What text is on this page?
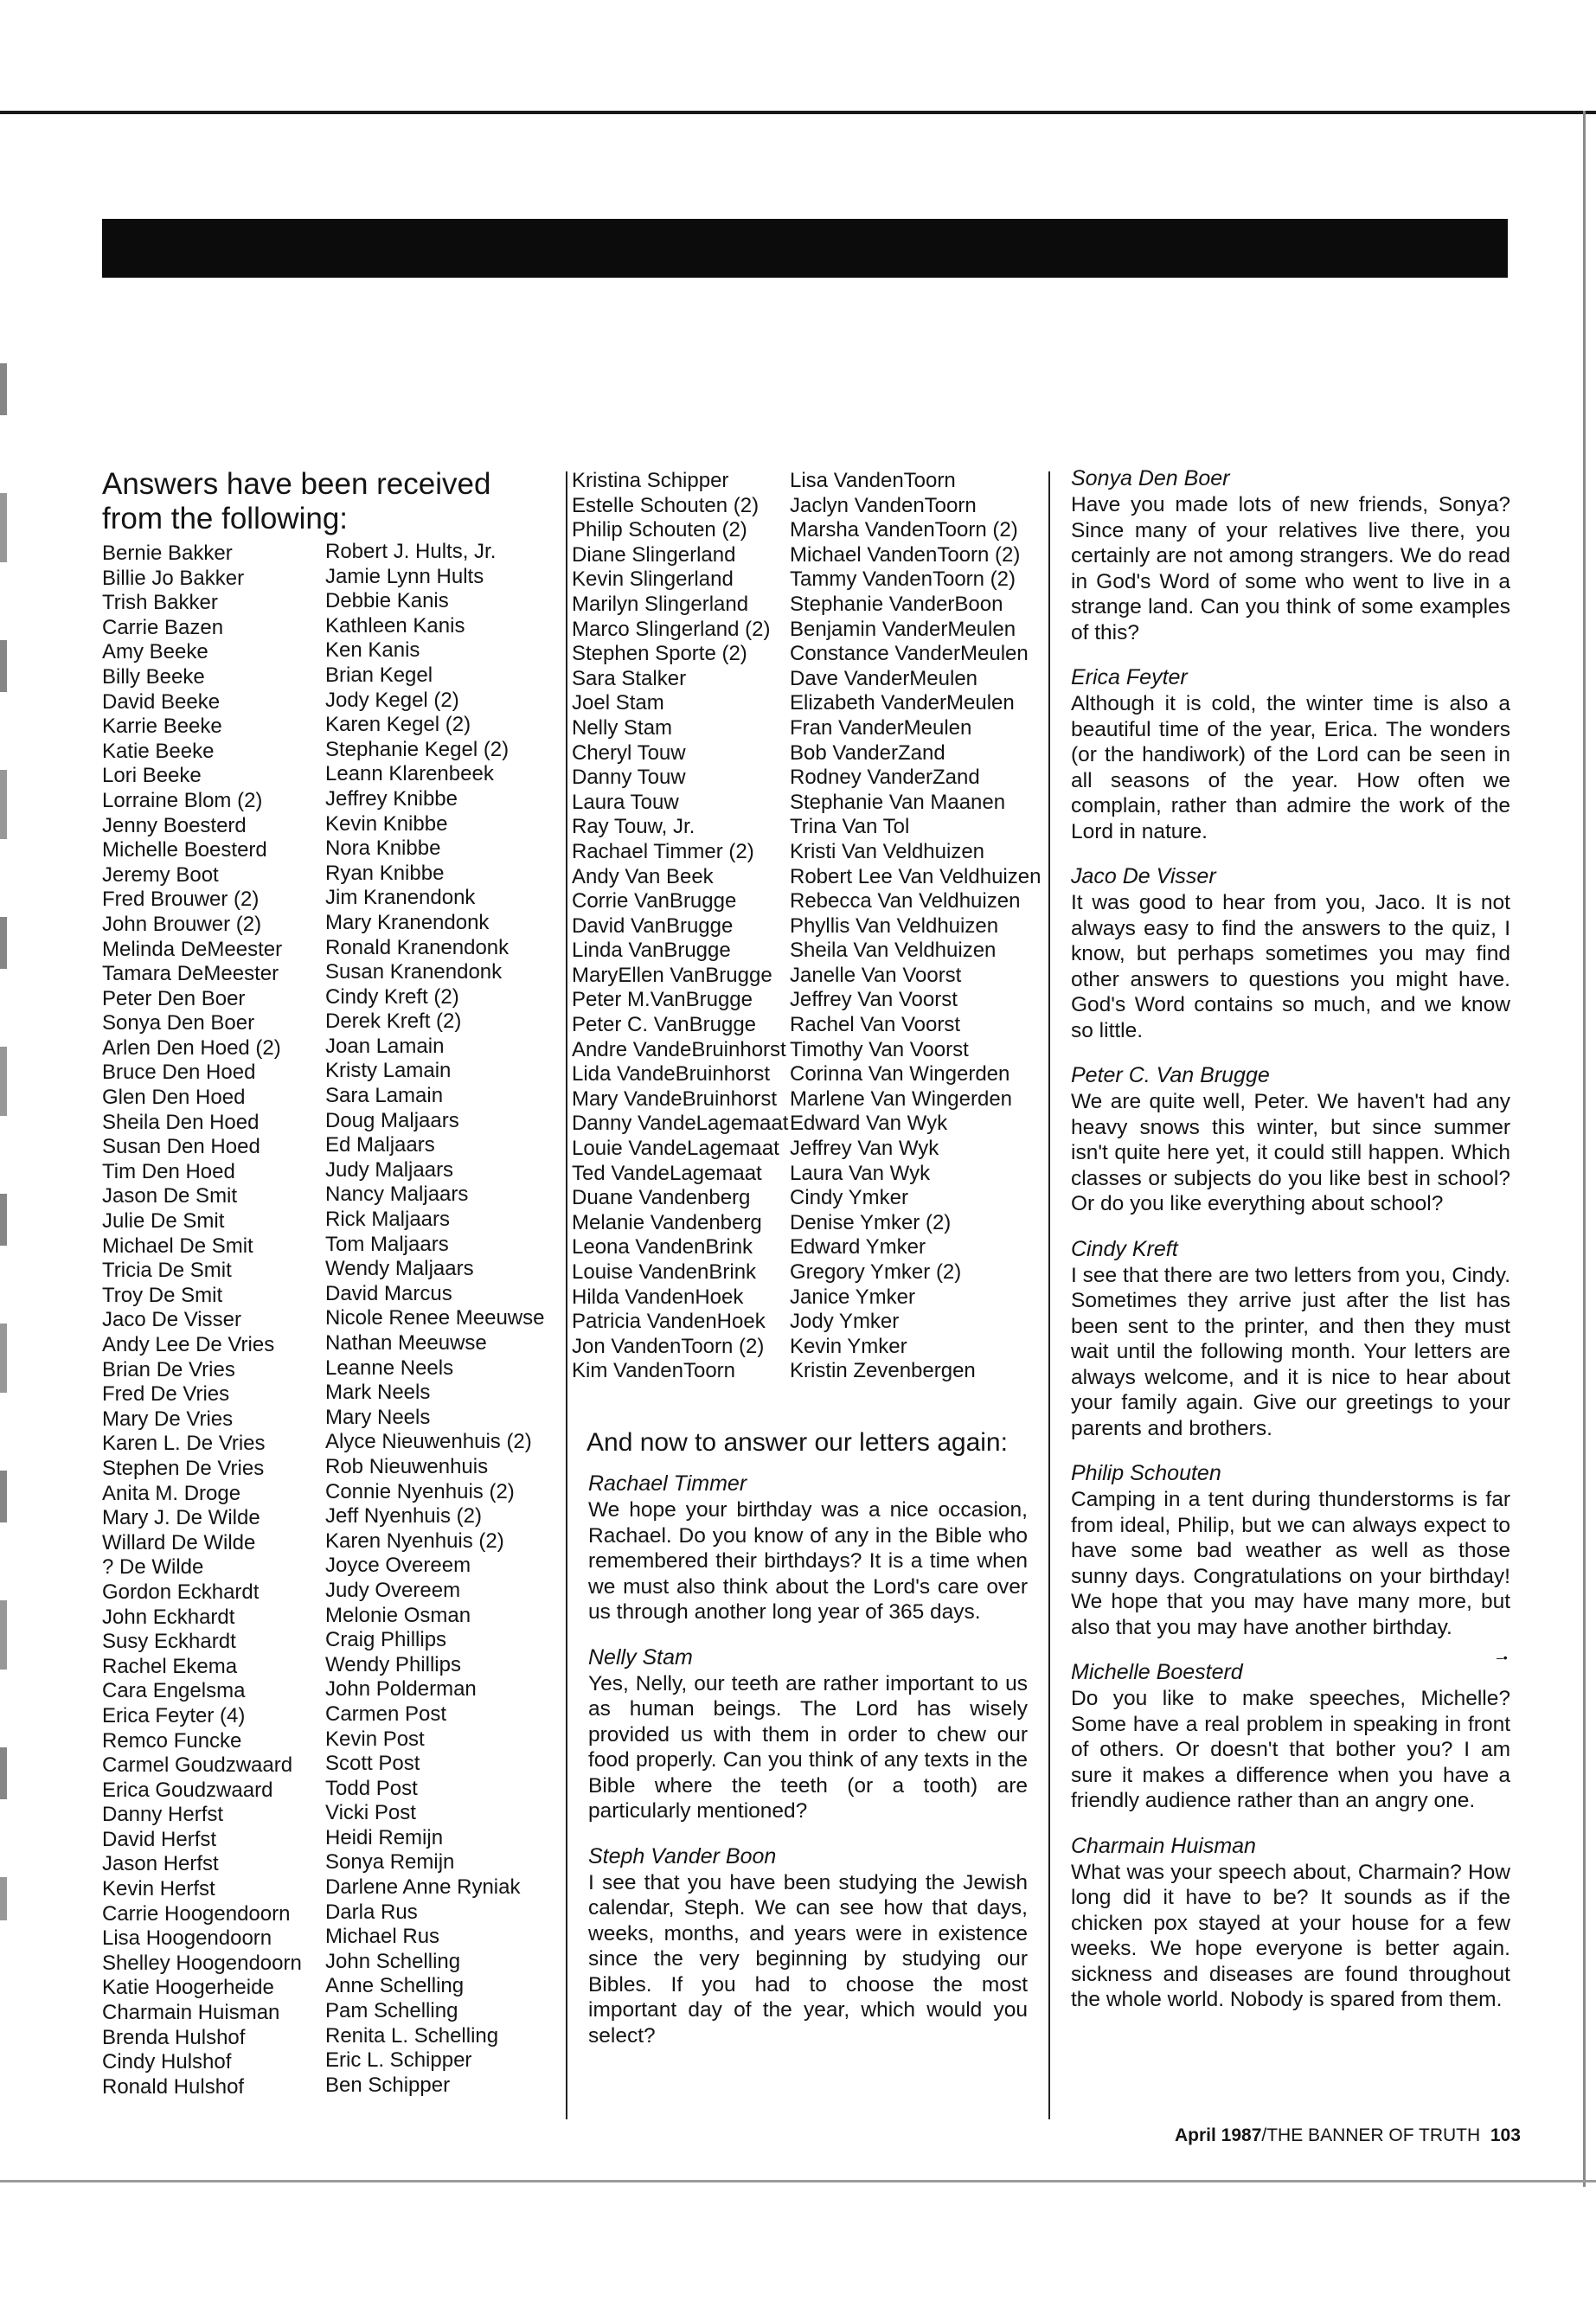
Answers have been received from the following:
Bernie Bakker
Billie Jo Bakker
Trish Bakker
Carrie Bazen
Amy Beeke
Billy Beeke
David Beeke
Karrie Beeke
Katie Beeke
Lori Beeke
Lorraine Blom (2)
Jenny Boesterd
Michelle Boesterd
Jeremy Boot
Fred Brouwer (2)
John Brouwer (2)
Melinda DeMeester
Tamara DeMeester
Peter Den Boer
Sonya Den Boer
Arlen Den Hoed (2)
Bruce Den Hoed
Glen Den Hoed
Sheila Den Hoed
Susan Den Hoed
Tim Den Hoed
Jason De Smit
Julie De Smit
Michael De Smit
Tricia De Smit
Troy De Smit
Jaco De Visser
Andy Lee De Vries
Brian De Vries
Fred De Vries
Mary De Vries
Karen L. De Vries
Stephen De Vries
Anita M. Droge
Mary J. De Wilde
Willard De Wilde
? De Wilde
Gordon Eckhardt
John Eckhardt
Susy Eckhardt
Rachel Ekema
Cara Engelsma
Erica Feyter (4)
Remco Funcke
Carmel Goudzwaard
Erica Goudzwaard
Danny Herfst
David Herfst
Jason Herfst
Kevin Herfst
Carrie Hoogendoorn
Lisa Hoogendoorn
Shelley Hoogendoorn
Katie Hoogerheide
Charmain Huisman
Brenda Hulshof
Cindy Hulshof
Ronald Hulshof
Robert J. Hults, Jr.
Jamie Lynn Hults
Debbie Kanis
Kathleen Kanis
Ken Kanis
Brian Kegel
Jody Kegel (2)
Karen Kegel (2)
Stephanie Kegel (2)
Leann Klarenbeek
Jeffrey Knibbe
Kevin Knibbe
Nora Knibbe
Ryan Knibbe
Jim Kranendonk
Mary Kranendonk
Ronald Kranendonk
Susan Kranendonk
Cindy Kreft (2)
Derek Kreft (2)
Joan Lamain
Kristy Lamain
Sara Lamain
Doug Maljaars
Ed Maljaars
Judy Maljaars
Nancy Maljaars
Rick Maljaars
Tom Maljaars
Wendy Maljaars
David Marcus
Nicole Renee Meeuwse
Nathan Meeuwse
Leanne Neels
Mark Neels
Mary Neels
Alyce Nieuwenhuis (2)
Rob Nieuwenhuis
Connie Nyenhuis (2)
Jeff Nyenhuis (2)
Karen Nyenhuis (2)
Joyce Overeem
Judy Overeem
Melonie Osman
Craig Phillips
Wendy Phillips
John Polderman
Carmen Post
Kevin Post
Scott Post
Todd Post
Vicki Post
Heidi Remijn
Sonya Remijn
Darlene Anne Ryniak
Darla Rus
Michael Rus
John Schelling
Anne Schelling
Pam Schelling
Renita L. Schelling
Eric L. Schipper
Ben Schipper
Kristina Schipper
Estelle Schouten (2)
Philip Schouten (2)
Diane Slingerland
Kevin Slingerland
Marilyn Slingerland
Marco Slingerland (2)
Stephen Sporte (2)
Sara Stalker
Joel Stam
Nelly Stam
Cheryl Touw
Danny Touw
Laura Touw
Ray Touw, Jr.
Rachael Timmer (2)
Andy Van Beek
Corrie VanBrugge
David VanBrugge
Linda VanBrugge
MaryEllen VanBrugge
Peter M.VanBrugge
Peter C. VanBrugge
Andre VandeBruinhorst
Lida VandeBruinhorst
Mary VandeBruinhorst
Danny VandeLagemaat
Louie VandeLagemaat
Ted VandeLagemaat
Duane Vandenberg
Melanie Vandenberg
Leona VandenBrink
Louise VandenBrink
Hilda VandenHoek
Patricia VandenHoek
Jon VandenToorn (2)
Kim VandenToorn
Lisa VandenToorn
Jaclyn VandenToorn
Marsha VandenToorn (2)
Michael VandenToorn (2)
Tammy VandenToorn (2)
Stephanie VanderBoon
Benjamin VanderMeulen
Constance VanderMeulen
Dave VanderMeulen
Elizabeth VanderMeulen
Fran VanderMeulen
Bob VanderZand
Rodney VanderZand
Stephanie Van Maanen
Trina Van Tol
Kristi Van Veldhuizen
Robert Lee Van Veldhuizen
Rebecca Van Veldhuizen
Phyllis Van Veldhuizen
Sheila Van Veldhuizen
Janelle Van Voorst
Jeffrey Van Voorst
Rachel Van Voorst
Timothy Van Voorst
Corinna Van Wingerden
Marlene Van Wingerden
Edward Van Wyk
Jeffrey Van Wyk
Laura Van Wyk
Cindy Ymker
Denise Ymker (2)
Edward Ymker
Gregory Ymker (2)
Janice Ymker
Jody Ymker
Kevin Ymker
Kristin Zevenbergen
And now to answer our letters again:
Rachael Timmer

We hope your birthday was a nice occasion, Rachael. Do you know of any in the Bible who remembered their birthdays? It is a time when we must also think about the Lord's care over us through another long year of 365 days.

Nelly Stam

Yes, Nelly, our teeth are rather important to us as human beings. The Lord has wisely provided us with them in order to chew our food properly. Can you think of any texts in the Bible where the teeth (or a tooth) are particularly mentioned?

Steph Vander Boon

I see that you have been studying the Jewish calendar, Steph. We can see how that days, weeks, months, and years were in existence since the very beginning by studying our Bibles. If you had to choose the most important day of the year, which would you select?

Sonya Den Boer

Have you made lots of new friends, Sonya? Since many of your relatives live there, you certainly are not among strangers. We do read in God's Word of some who went to live in a strange land. Can you think of some examples of this?

Erica Feyter

Although it is cold, the winter time is also a beautiful time of the year, Erica. The wonders (or the handiwork) of the Lord can be seen in all seasons of the year. How often we complain, rather than admire the work of the Lord in nature.

Jaco De Visser

It was good to hear from you, Jaco. It is not always easy to find the answers to the quiz, I know, but perhaps sometimes you may find other answers to questions you might have. God's Word contains so much, and we know so little.

Peter C. Van Brugge

We are quite well, Peter. We haven't had any heavy snows this winter, but since summer isn't quite here yet, it could still happen. Which classes or subjects do you like best in school? Or do you like everything about school?

Cindy Kreft

I see that there are two letters from you, Cindy. Sometimes they arrive just after the list has been sent to the printer, and then they must wait until the following month. Your letters are always welcome, and it is nice to hear about your family again. Give our greetings to your parents and brothers.

Philip Schouten

Camping in a tent during thunderstorms is far from ideal, Philip, but we can always expect to have some bad weather as well as those sunny days. Congratulations on your birthday! We hope that you may have many more, but also that you may have another birthday.

Michelle Boesterd

Do you like to make speeches, Michelle? Some have a real problem in speaking in front of others. Or doesn't that bother you? I am sure it makes a difference when you have a friendly audience rather than an angry one.

Charmain Huisman

What was your speech about, Charmain? How long did it have to be? It sounds as if the chicken pox stayed at your house for a few weeks. We hope everyone is better again. sickness and diseases are found throughout the whole world. Nobody is spared from them.

‒•
April 1987/THE BANNER OF TRUTH 103
